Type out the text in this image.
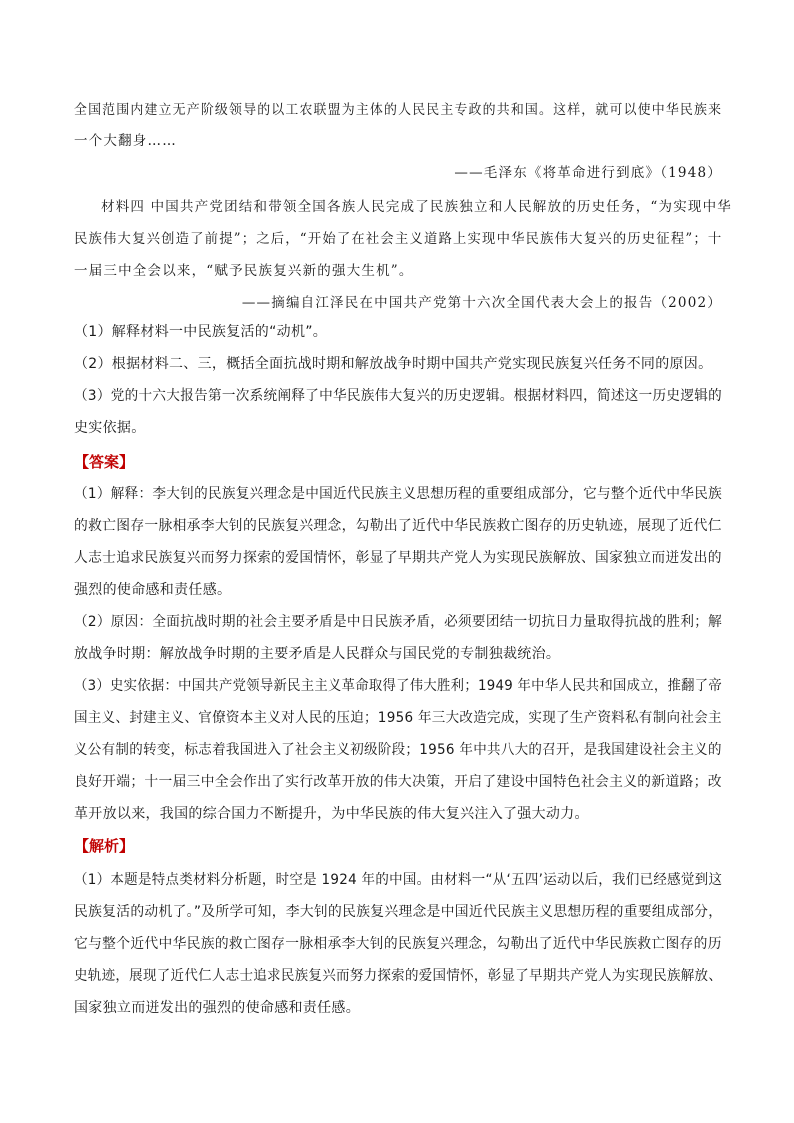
全国范围内建立无产阶级领导的以工农联盟为主体的人民民主专政的共和国。这样，就可以使中华民族来
一个大翻身……
——毛泽东《将革命进行到底》（1948）
材料四 中国共产党团结和带领全国各族人民完成了民族独立和人民解放的历史任务，“为实现中华
民族伟大复兴创造了前提”；之后，“开始了在社会主义道路上实现中华民族伟大复兴的历史征程”；十
一届三中全会以来，“赋予民族复兴新的强大生机”。
——摘编自江泽民在中国共产党第十六次全国代表大会上的报告（2002）
（1）解释材料一中民族复活的“动机”。
（2）根据材料二、三，概括全面抗战时期和解放战争时期中国共产党实现民族复兴任务不同的原因。
（3）党的十六大报告第一次系统阐释了中华民族伟大复兴的历史逻辑。根据材料四，简述这一历史逻辑的
史实依据。
【答案】
（1）解释：李大钊的民族复兴理念是中国近代民族主义思想历程的重要组成部分，它与整个近代中华民族
的救亡图存一脉相承李大钊的民族复兴理念，勾勒出了近代中华民族救亡图存的历史轨迹，展现了近代仁
人志士追求民族复兴而努力探索的爱国情怀，彰显了早期共产党人为实现民族解放、国家独立而迸发出的
强烈的使命感和责任感。
（2）原因：全面抗战时期的社会主要矛盾是中日民族矛盾，必须要团结一切抗日力量取得抗战的胜利；解
放战争时期：解放战争时期的主要矛盾是人民群众与国民党的专制独裁统治。
（3）史实依据：中国共产党领导新民主主义革命取得了伟大胜利；1949 年中华人民共和国成立，推翻了帝
国主义、封建主义、官僚资本主义对人民的压迫；1956 年三大改造完成，实现了生产资料私有制向社会主
义公有制的转变，标志着我国进入了社会主义初级阶段；1956 年中共八大的召开，是我国建设社会主义的
良好开端；十一届三中全会作出了实行改革开放的伟大决策，开启了建设中国特色社会主义的新道路；改
革开放以来，我国的综合国力不断提升，为中华民族的伟大复兴注入了强大动力。
【解析】
（1）本题是特点类材料分析题，时空是 1924 年的中国。由材料一“从‘五四’运动以后，我们已经感觉到这
民族复活的动机了。”及所学可知，李大钊的民族复兴理念是中国近代民族主义思想历程的重要组成部分，
它与整个近代中华民族的救亡图存一脉相承李大钊的民族复兴理念，勾勒出了近代中华民族救亡图存的历
史轨迹，展现了近代仁人志士追求民族复兴而努力探索的爱国情怀，彰显了早期共产党人为实现民族解放、
国家独立而迸发出的强烈的使命感和责任感。
